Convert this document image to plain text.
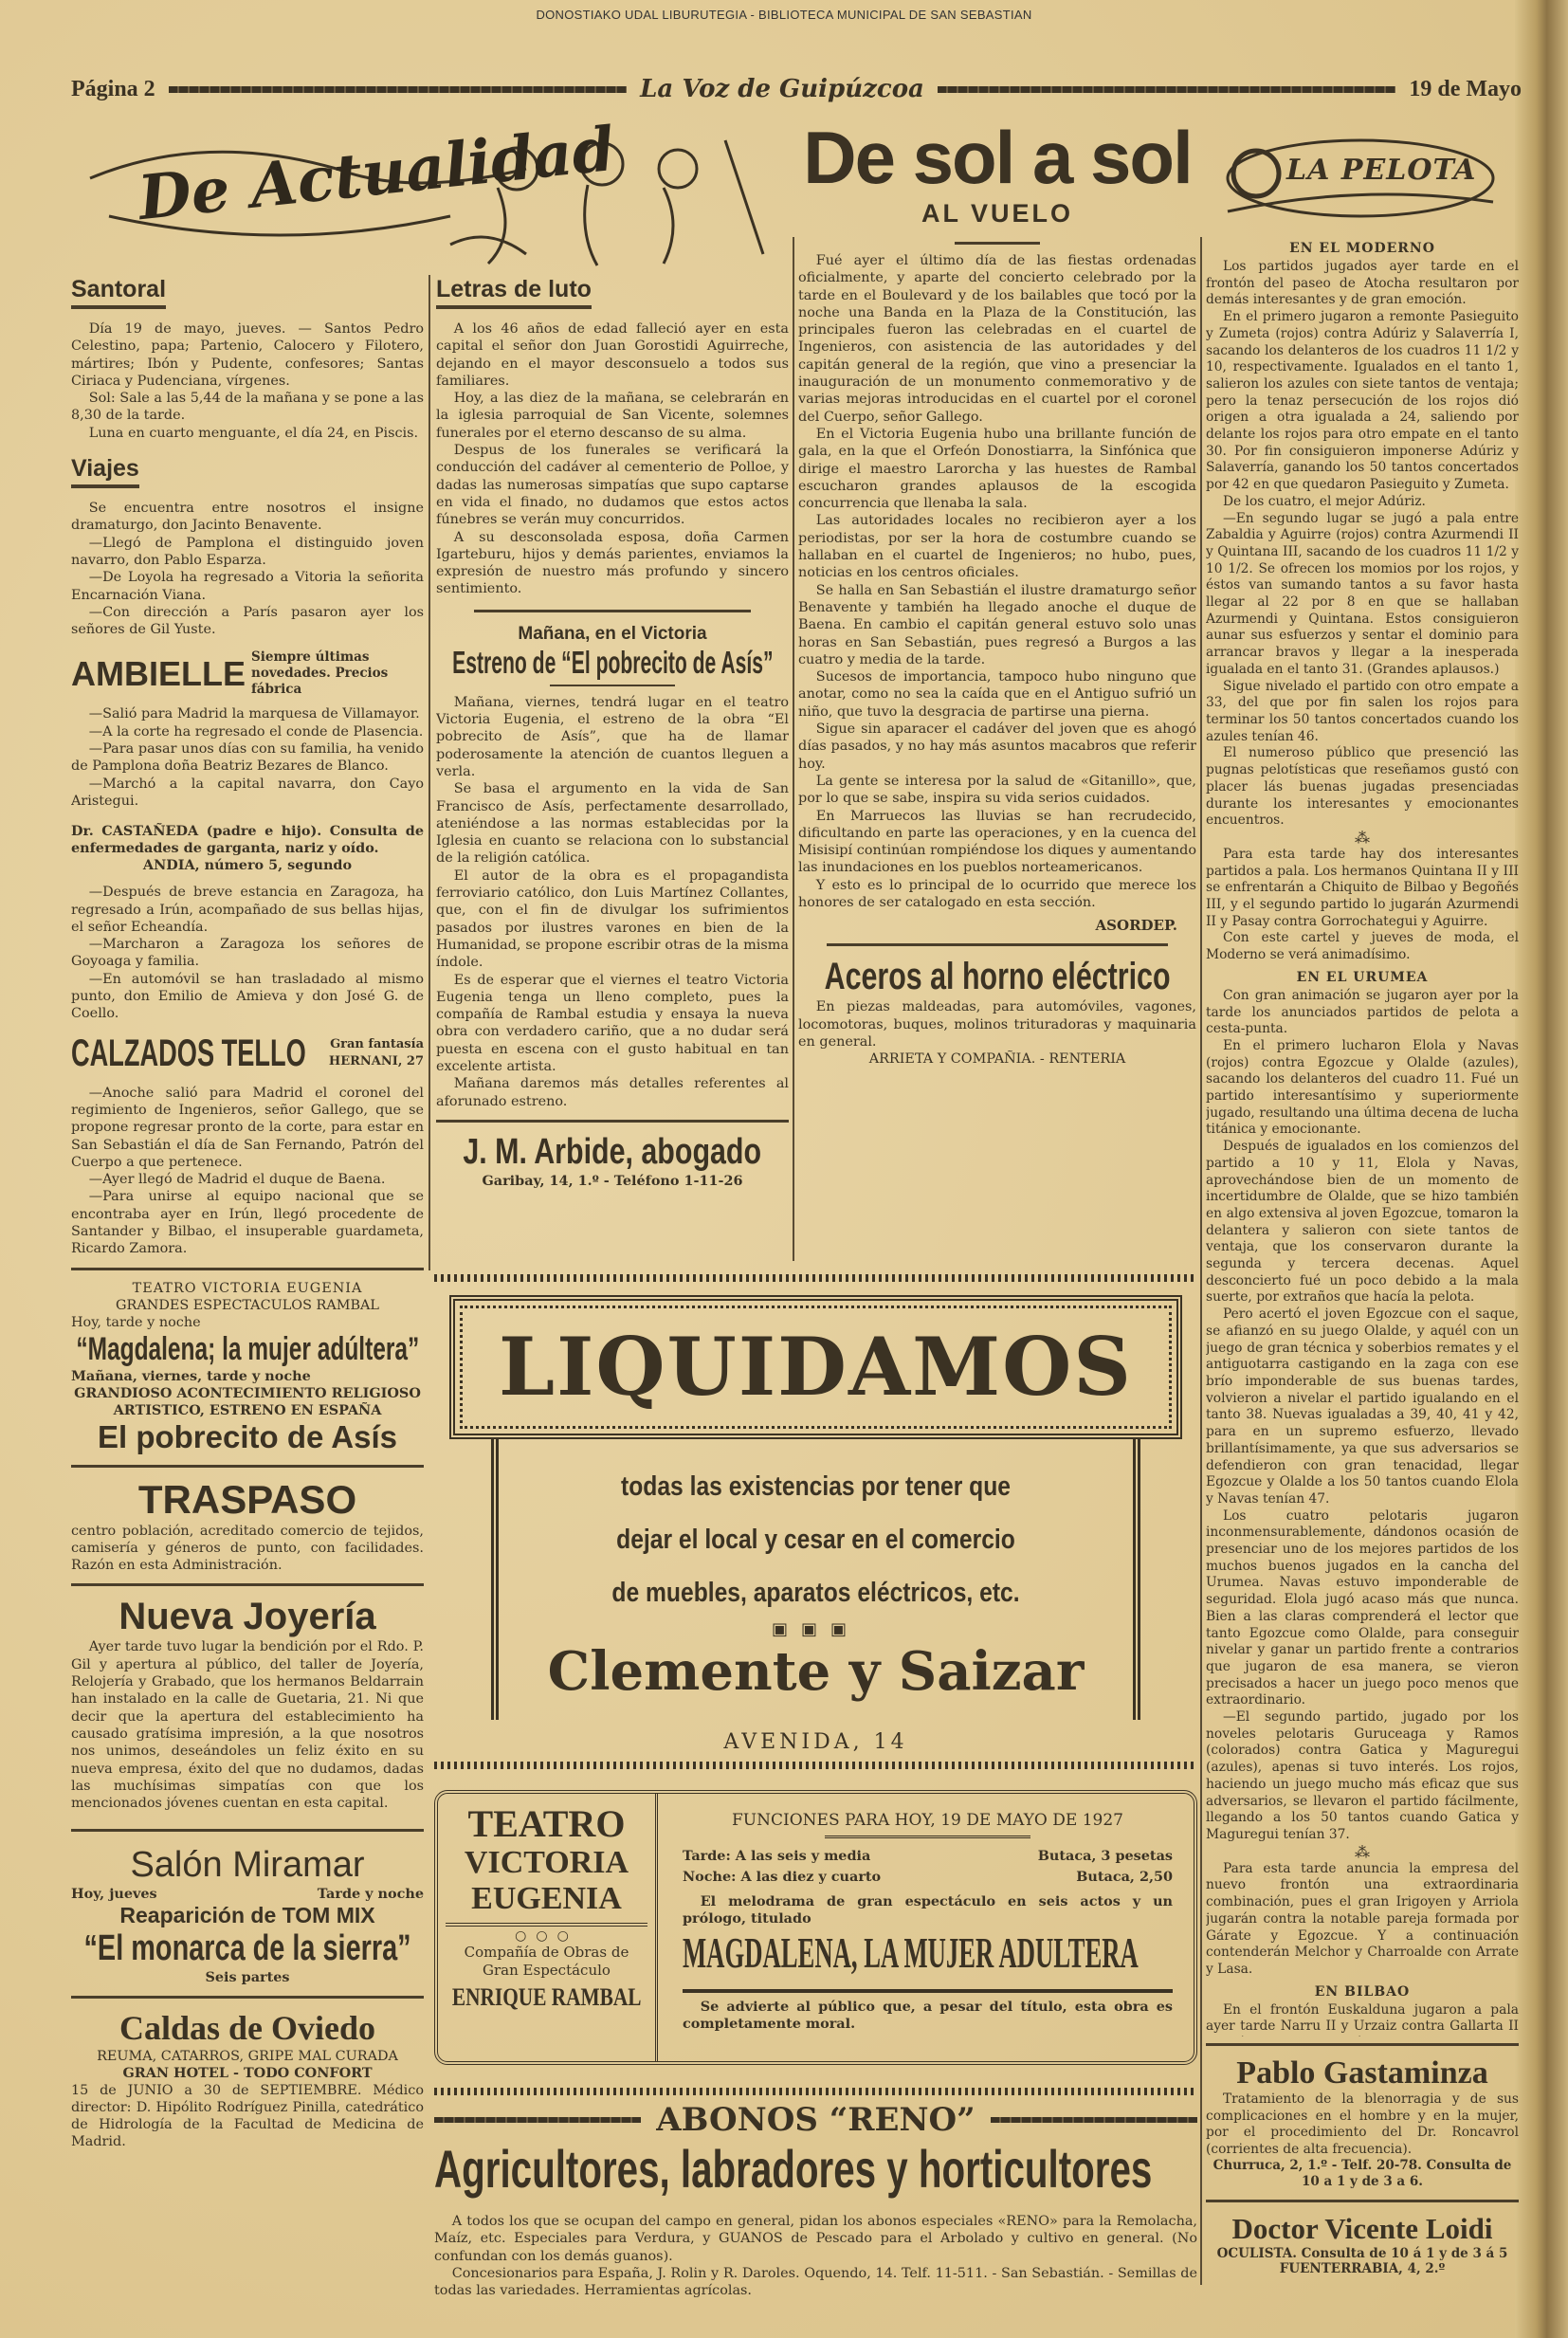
DONOSTIAKO UDAL LIBURUTEGIA - BIBLIOTECA MUNICIPAL DE SAN SEBASTIAN
Página 2	La Voz de Guipúzcoa	19 de Mayo
De Actualidad
Santoral

Día 19 de mayo, jueves. — Santos Pedro Celestino, papa; Partenio, Calocero y Filotero, mártires; Ibón y Pudente, confesores; Santas Ciriaca y Pudenciana, vírgenes.

Sol: Sale a las 5,44 de la mañana y se pone a las 8,30 de la tarde.

Luna en cuarto menguante, el día 24, en Piscis.

Viajes

Se encuentra entre nosotros el insigne dramaturgo, don Jacinto Benavente.

—Llegó de Pamplona el distinguido joven navarro, don Pablo Esparza.

—De Loyola ha regresado a Vitoria la señorita Encarnación Viana.

—Con dirección a París pasaron ayer los señores de Gil Yuste.

AMBIELLE Siempre últimas novedades. Precios fábrica

—Salió para Madrid la marquesa de Villamayor.

—A la corte ha regresado el conde de Plasencia.

—Para pasar unos días con su familia, ha venido de Pamplona doña Beatriz Bezares de Blanco.

—Marchó a la capital navarra, don Cayo Aristegui.

Dr. CASTAÑEDA (padre e hijo). Consulta de enfermedades de garganta, nariz y oído.
ANDIA, número 5, segundo

—Después de breve estancia en Zaragoza, ha regresado a Irún, acompañado de sus bellas hijas, el señor Echeandía.

—Marcharon a Zaragoza los señores de Goyoaga y familia.

—En automóvil se han trasladado al mismo punto, don Emilio de Amieva y don José G. de Coello.

CALZADOS TELLO Gran fantasía
HERNANI, 27

—Anoche salió para Madrid el coronel del regimiento de Ingenieros, señor Gallego, que se propone regresar pronto de la corte, para estar en San Sebastián el día de San Fernando, Patrón del Cuerpo a que pertenece.

—Ayer llegó de Madrid el duque de Baena.

—Para unirse al equipo nacional que se encontraba ayer en Irún, llegó procedente de Santander y Bilbao, el insuperable guardameta, Ricardo Zamora.

TEATRO VICTORIA EUGENIA
GRANDES ESPECTACULOS RAMBAL
Hoy, tarde y noche
“Magdalena; la mujer adúltera”
Mañana, viernes, tarde y noche
GRANDIOSO ACONTECIMIENTO RELIGIOSO ARTISTICO, ESTRENO EN ESPAÑA
El pobrecito de Asís
TRASPASO

centro población, acreditado comercio de tejidos, camisería y géneros de punto, con facilidades. Razón en esta Administración.

Nueva Joyería

Ayer tarde tuvo lugar la bendición por el Rdo. P. Gil y apertura al público, del taller de Joyería, Relojería y Grabado, que los hermanos Beldarrain han instalado en la calle de Guetaria, 21. Ni que decir que la apertura del establecimiento ha causado gratísima impresión, a la que nosotros nos unimos, deseándoles un feliz éxito en su nueva empresa, éxito del que no dudamos, dadas las muchísimas simpatías con que los mencionados jóvenes cuentan en esta capital.

Salón Miramar
Hoy, jueves	Tarde y noche
Reaparición de TOM MIX
“El monarca de la sierra”
Seis partes
Caldas de Oviedo
REUMA, CATARROS, GRIPE MAL CURADA
GRAN HOTEL - TODO CONFORT
15 de JUNIO a 30 de SEPTIEMBRE. Médico director: D. Hipólito Rodríguez Pinilla, catedrático de Hidrología de la Facultad de Medicina de Madrid.
Letras de luto

A los 46 años de edad falleció ayer en esta capital el señor don Juan Gorostidi Aguirreche, dejando en el mayor desconsuelo a todos sus familiares.

Hoy, a las diez de la mañana, se celebrarán en la iglesia parroquial de San Vicente, solemnes funerales por el eterno descanso de su alma.

Despus de los funerales se verificará la conducción del cadáver al cementerio de Polloe, y dadas las numerosas simpatías que supo captarse en vida el finado, no dudamos que estos actos fúnebres se verán muy concurridos.

A su desconsolada esposa, doña Carmen Igarteburu, hijos y demás parientes, enviamos la expresión de nuestro más profundo y sincero sentimiento.

Mañana, en el Victoria
Estreno de “El pobrecito de Asís”

Mañana, viernes, tendrá lugar en el teatro Victoria Eugenia, el estreno de la obra “El pobrecito de Asís”, que ha de llamar poderosamente la atención de cuantos lleguen a verla.

Se basa el argumento en la vida de San Francisco de Asís, perfectamente desarrollado, ateniéndose a las normas establecidas por la Iglesia en cuanto se relaciona con lo substancial de la religión católica.

El autor de la obra es el propagandista ferroviario católico, don Luis Martínez Collantes, que, con el fin de divulgar los sufrimientos pasados por ilustres varones en bien de la Humanidad, se propone escribir otras de la misma índole.

Es de esperar que el viernes el teatro Victoria Eugenia tenga un lleno completo, pues la compañía de Rambal estudia y ensaya la nueva obra con verdadero cariño, que a no dudar será puesta en escena con el gusto habitual en tan excelente artista.

Mañana daremos más detalles referentes al aforunado estreno.

J. M. Arbide, abogado
Garibay, 14, 1.º - Teléfono 1-11-26
De sol a sol
AL VUELO

Fué ayer el último día de las fiestas ordenadas oficialmente, y aparte del concierto celebrado por la tarde en el Boulevard y de los bailables que tocó por la noche una Banda en la Plaza de la Constitución, las principales fueron las celebradas en el cuartel de Ingenieros, con asistencia de las autoridades y del capitán general de la región, que vino a presenciar la inauguración de un monumento conmemorativo y de varias mejoras introducidas en el cuartel por el coronel del Cuerpo, señor Gallego.

En el Victoria Eugenia hubo una brillante función de gala, en la que el Orfeón Donostiarra, la Sinfónica que dirige el maestro Larorcha y las huestes de Rambal escucharon grandes aplausos de la escogida concurrencia que llenaba la sala.

Las autoridades locales no recibieron ayer a los periodistas, por ser la hora de costumbre cuando se hallaban en el cuartel de Ingenieros; no hubo, pues, noticias en los centros oficiales.

Se halla en San Sebastián el ilustre dramaturgo señor Benavente y también ha llegado anoche el duque de Baena. En cambio el capitán general estuvo solo unas horas en San Sebastián, pues regresó a Burgos a las cuatro y media de la tarde.

Sucesos de importancia, tampoco hubo ninguno que anotar, como no sea la caída que en el Antiguo sufrió un niño, que tuvo la desgracia de partirse una pierna.

Sigue sin aparacer el cadáver del joven que es ahogó días pasados, y no hay más asuntos macabros que referir hoy.

La gente se interesa por la salud de «Gitanillo», que, por lo que se sabe, inspira su vida serios cuidados.

En Marruecos las lluvias se han recrudecido, dificultando en parte las operaciones, y en la cuenca del Misisipí continúan rompiéndose los diques y aumentando las inundaciones en los pueblos norteamericanos.

Y esto es lo principal de lo ocurrido que merece los honores de ser catalogado en esta sección.

ASORDEP.
Aceros al horno eléctrico

En piezas maldeadas, para automóviles, vagones, locomotoras, buques, molinos trituradoras y maquinaria en general.

ARRIETA Y COMPAÑIA. - RENTERIA
LIQUIDAMOS
todas las existencias por tener que
dejar el local y cesar en el comercio
de muebles, aparatos eléctricos, etc.
▣▣▣
Clemente y Saizar
AVENIDA, 14
TEATRO
VICTORIA EUGENIA
○○○
Compañía de Obras de Gran Espectáculo
ENRIQUE RAMBAL
FUNCIONES PARA HOY, 19 DE MAYO DE 1927
Tarde: A las seis y media	Butaca, 3 pesetas
Noche: A las diez y cuarto	Butaca, 2,50

El melodrama de gran espectáculo en seis actos y un prólogo, titulado

MAGDALENA, LA MUJER ADULTERA

Se advierte al público que, a pesar del título, esta obra es completamente moral.

ABONOS “RENO”
Agricultores, labradores y horticultores

A todos los que se ocupan del campo en general, pidan los abonos especiales «RENO» para la Remolacha, Maíz, etc. Especiales para Verdura, y GUANOS de Pescado para el Arbolado y cultivo en general. (No confundan con los demás guanos).

Concesionarios para España, J. Rolin y R. Daroles. Oquendo, 14. Telf. 11-511. - San Sebastián. - Semillas de todas las variedades. Herramientas agrícolas.

LA PELOTA
EN EL MODERNO

Los partidos jugados ayer tarde en el frontón del paseo de Atocha resultaron por demás interesantes y de gran emoción.

En el primero jugaron a remonte Pasieguito y Zumeta (rojos) contra Adúriz y Salaverría I, sacando los delanteros de los cuadros 11 1/2 y 10, respectivamente. Igualados en el tanto 1, salieron los azules con siete tantos de ventaja; pero la tenaz persecución de los rojos dió origen a otra igualada a 24, saliendo por delante los rojos para otro empate en el tanto 30. Por fin consiguieron imponerse Adúriz y Salaverría, ganando los 50 tantos concertados por 42 en que quedaron Pasieguito y Zumeta.

De los cuatro, el mejor Adúriz.

—En segundo lugar se jugó a pala entre Zabaldia y Aguirre (rojos) contra Azurmendi II y Quintana III, sacando de los cuadros 11 1/2 y 10 1/2. Se ofrecen los momios por los rojos, y éstos van sumando tantos a su favor hasta llegar al 22 por 8 en que se hallaban Azurmendi y Quintana. Estos consiguieron aunar sus esfuerzos y sentar el dominio para arrancar bravos y llegar a la inesperada igualada en el tanto 31. (Grandes aplausos.)

Sigue nivelado el partido con otro empate a 33, del que por fin salen los rojos para terminar los 50 tantos concertados cuando los azules tenían 46.

El numeroso público que presenció las pugnas pelotísticas que reseñamos gustó con placer lás buenas jugadas presenciadas durante los interesantes y emocionantes encuentros.

⁂

Para esta tarde hay dos interesantes partidos a pala. Los hermanos Quintana II y III se enfrentarán a Chiquito de Bilbao y Begoñés III, y el segundo partido lo jugarán Azurmendi II y Pasay contra Gorrochategui y Aguirre.

Con este cartel y jueves de moda, el Moderno se verá animadísimo.

EN EL URUMEA

Con gran animación se jugaron ayer por la tarde los anunciados partidos de pelota a cesta-punta.

En el primero lucharon Elola y Navas (rojos) contra Egozcue y Olalde (azules), sacando los delanteros del cuadro 11. Fué un partido interesantísimo y superiormente jugado, resultando una última decena de lucha titánica y emocionante.

Después de igualados en los comienzos del partido a 10 y 11, Elola y Navas, aprovechándose bien de un momento de incertidumbre de Olalde, que se hizo también en algo extensiva al joven Egozcue, tomaron la delantera y salieron con siete tantos de ventaja, que los conservaron durante la segunda y tercera decenas. Aquel desconcierto fué un poco debido a la mala suerte, por extraños que hacía la pelota.

Pero acertó el joven Egozcue con el saque, se afianzó en su juego Olalde, y aquél con un juego de gran técnica y soberbios remates y el antiguotarra castigando en la zaga con ese brío imponderable de sus buenas tardes, volvieron a nivelar el partido igualando en el tanto 38. Nuevas igualadas a 39, 40, 41 y 42, para en un supremo esfuerzo, llevado brillantísimamente, ya que sus adversarios se defendieron con gran tenacidad, llegar Egozcue y Olalde a los 50 tantos cuando Elola y Navas tenían 47.

Los cuatro pelotaris jugaron inconmensurablemente, dándonos ocasión de presenciar uno de los mejores partidos de los muchos buenos jugados en la cancha del Urumea. Navas estuvo imponderable de seguridad. Elola jugó acaso más que nunca. Bien a las claras comprenderá el lector que tanto Egozcue como Olalde, para conseguir nivelar y ganar un partido frente a contrarios que jugaron de esa manera, se vieron precisados a hacer un juego poco menos que extraordinario.

—El segundo partido, jugado por los noveles pelotaris Guruceaga y Ramos (colorados) contra Gatica y Maguregui (azules), apenas si tuvo interés. Los rojos, haciendo un juego mucho más eficaz que sus adversarios, se llevaron el partido fácilmente, llegando a los 50 tantos cuando Gatica y Maguregui tenían 37.

⁂

Para esta tarde anuncia la empresa del nuevo frontón una extraordinaria combinación, pues el gran Irigoyen y Arriola jugarán contra la notable pareja formada por Gárate y Egozcue. Y a continuación contenderán Melchor y Charroalde con Arrate y Lasa.

EN BILBAO

En el frontón Euskalduna jugaron a pala ayer tarde Narru II y Urzaiz contra Gallarta II

Pablo Gastaminza

Tratamiento de la blenorragia y de sus complicaciones en el hombre y en la mujer, por el procedimiento del Dr. Roncavrol (corrientes de alta frecuencia).

Churruca, 2, 1.º - Telf. 20-78. Consulta de 10 a 1 y de 3 a 6.
Doctor Vicente Loidi
OCULISTA. Consulta de 10 á 1 y de 3 á 5
FUENTERRABIA, 4, 2.º
